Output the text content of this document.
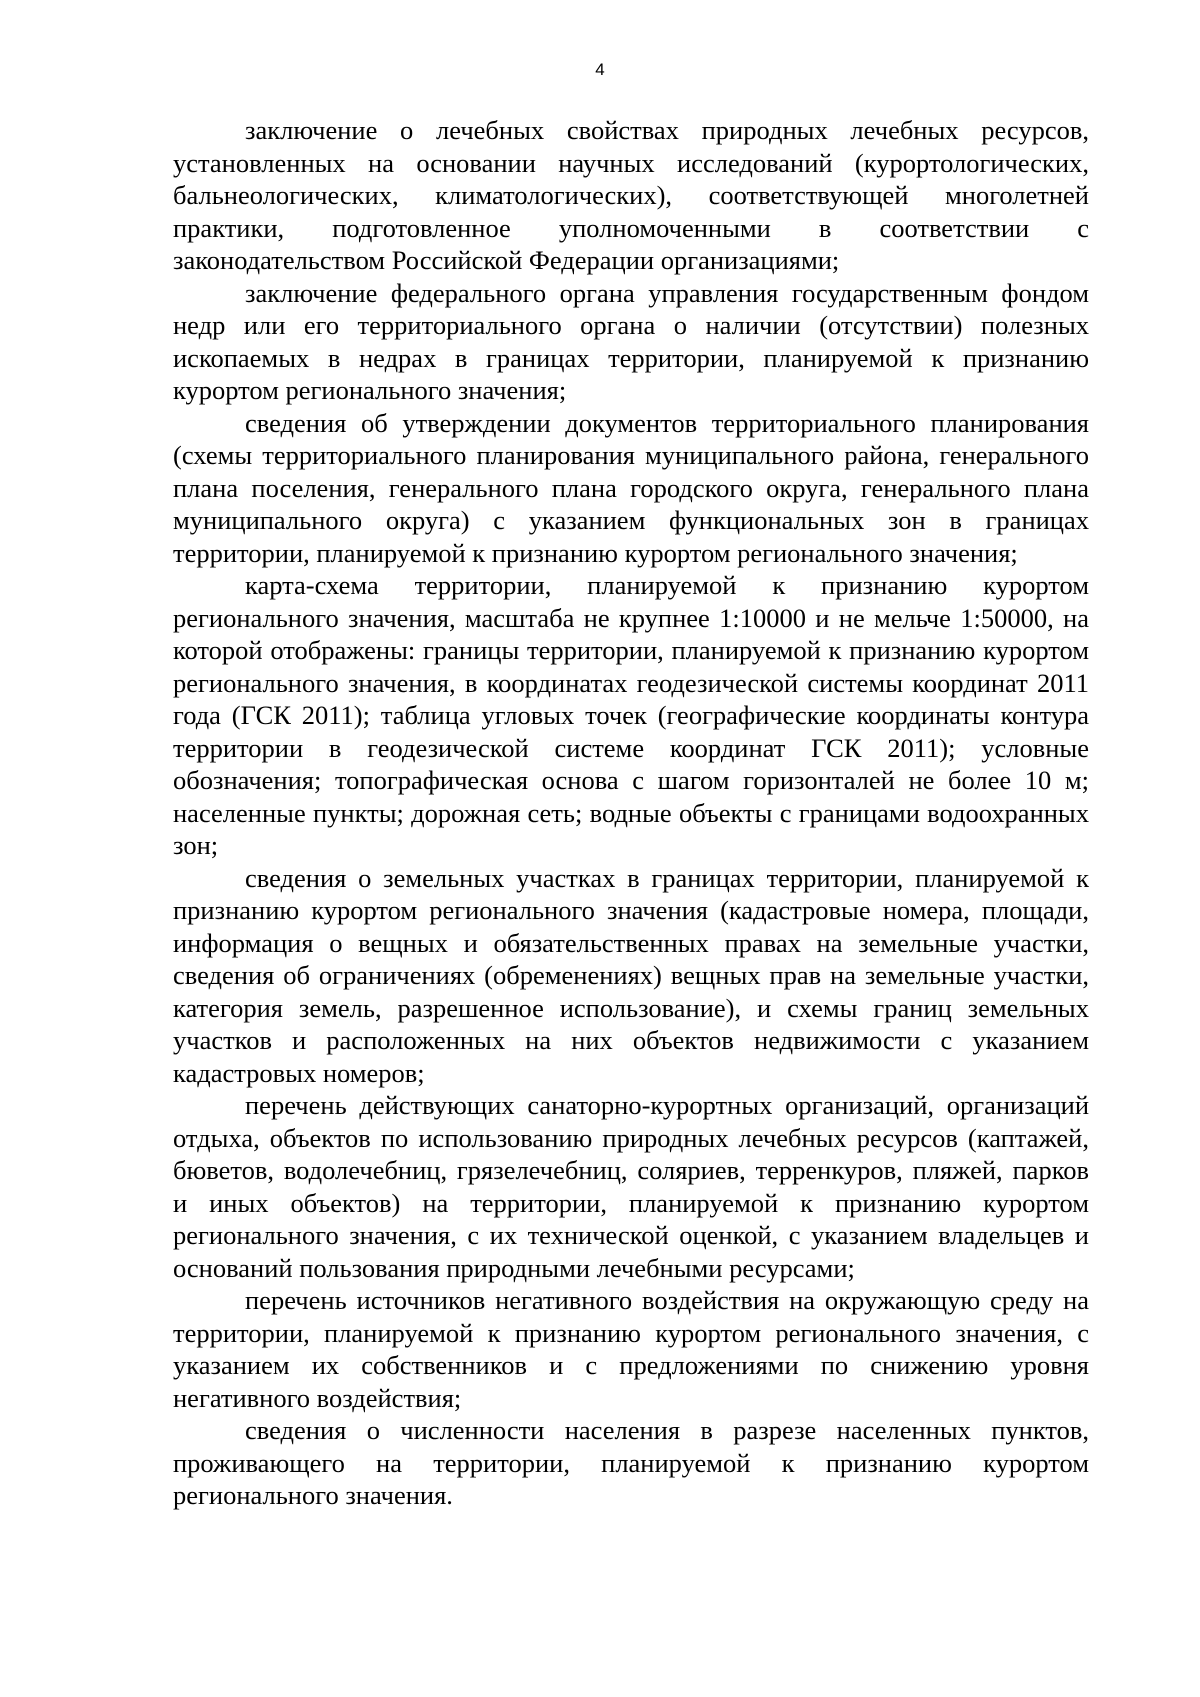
4

заключение о лечебных свойствах природных лечебных ресурсов, установленных на основании научных исследований (курортологических, бальнеологических, климатологических), соответствующей многолетней практики, подготовленное уполномоченными в соответствии с законодательством Российской Федерации организациями;

заключение федерального органа управления государственным фондом недр или его территориального органа о наличии (отсутствии) полезных ископаемых в недрах в границах территории, планируемой к признанию курортом регионального значения;

сведения об утверждении документов территориального планирования (схемы территориального планирования муниципального района, генерального плана поселения, генерального плана городского округа, генерального плана муниципального округа) с указанием функциональных зон в границах территории, планируемой к признанию курортом регионального значения;

карта-схема территории, планируемой к признанию курортом регионального значения, масштаба не крупнее 1:10000 и не мельче 1:50000, на которой отображены: границы территории, планируемой к признанию курортом регионального значения, в координатах геодезической системы координат 2011 года (ГСК 2011); таблица угловых точек (географические координаты контура территории в геодезической системе координат ГСК 2011); условные обозначения; топографическая основа с шагом горизонталей не более 10 м; населенные пункты; дорожная сеть; водные объекты с границами водоохранных зон;

сведения о земельных участках в границах территории, планируемой к признанию курортом регионального значения (кадастровые номера, площади, информация о вещных и обязательственных правах на земельные участки, сведения об ограничениях (обременениях) вещных прав на земельные участки, категория земель, разрешенное использование), и схемы границ земельных участков и расположенных на них объектов недвижимости с указанием кадастровых номеров;

перечень действующих санаторно-курортных организаций, организаций отдыха, объектов по использованию природных лечебных ресурсов (каптажей, бюветов, водолечебниц, грязелечебниц, соляриев, терренкуров, пляжей, парков и иных объектов) на территории, планируемой к признанию курортом регионального значения, с их технической оценкой, с указанием владельцев и оснований пользования природными лечебными ресурсами;

перечень источников негативного воздействия на окружающую среду на территории, планируемой к признанию курортом регионального значения, с указанием их собственников и с предложениями по снижению уровня негативного воздействия;

сведения о численности населения в разрезе населенных пунктов, проживающего на территории, планируемой к признанию курортом регионального значения.
